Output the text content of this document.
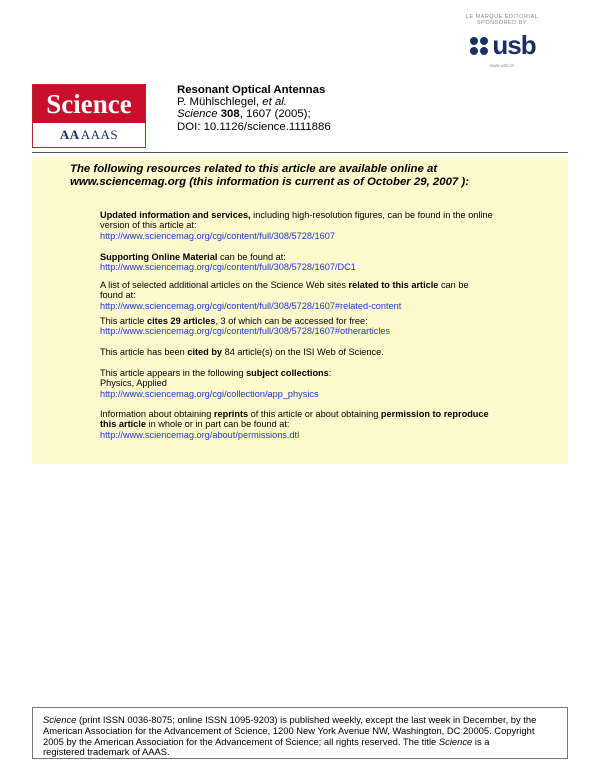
LE MARQUE ÉDITORIAL
SPONSORED BY
usb
www.usb.ch
Science
AA AAAS
Resonant Optical Antennas
P. Mühlschlegel, et al.
Science 308, 1607 (2005);
DOI: 10.1126/science.1111886
The following resources related to this article are available online at
www.sciencemag.org (this information is current as of October 29, 2007 ):
Updated information and services, including high-resolution figures, can be found in the online
version of this article at:
http://www.sciencemag.org/cgi/content/full/308/5728/1607
Supporting Online Material can be found at:
http://www.sciencemag.org/cgi/content/full/308/5728/1607/DC1
A list of selected additional articles on the Science Web sites related to this article can be
found at:
http://www.sciencemag.org/cgi/content/full/308/5728/1607#related-content
This article cites 29 articles, 3 of which can be accessed for free:
http://www.sciencemag.org/cgi/content/full/308/5728/1607#otherarticles
This article has been cited by 84 article(s) on the ISI Web of Science.
This article appears in the following subject collections:
Physics, Applied
http://www.sciencemag.org/cgi/collection/app_physics
Information about obtaining reprints of this article or about obtaining permission to reproduce
this article in whole or in part can be found at:
http://www.sciencemag.org/about/permissions.dtl
Science (print ISSN 0036-8075; online ISSN 1095-9203) is published weekly, except the last week in December, by the
American Association for the Advancement of Science, 1200 New York Avenue NW, Washington, DC 20005. Copyright
2005 by the American Association for the Advancement of Science; all rights reserved. The title Science is a
registered trademark of AAAS.
